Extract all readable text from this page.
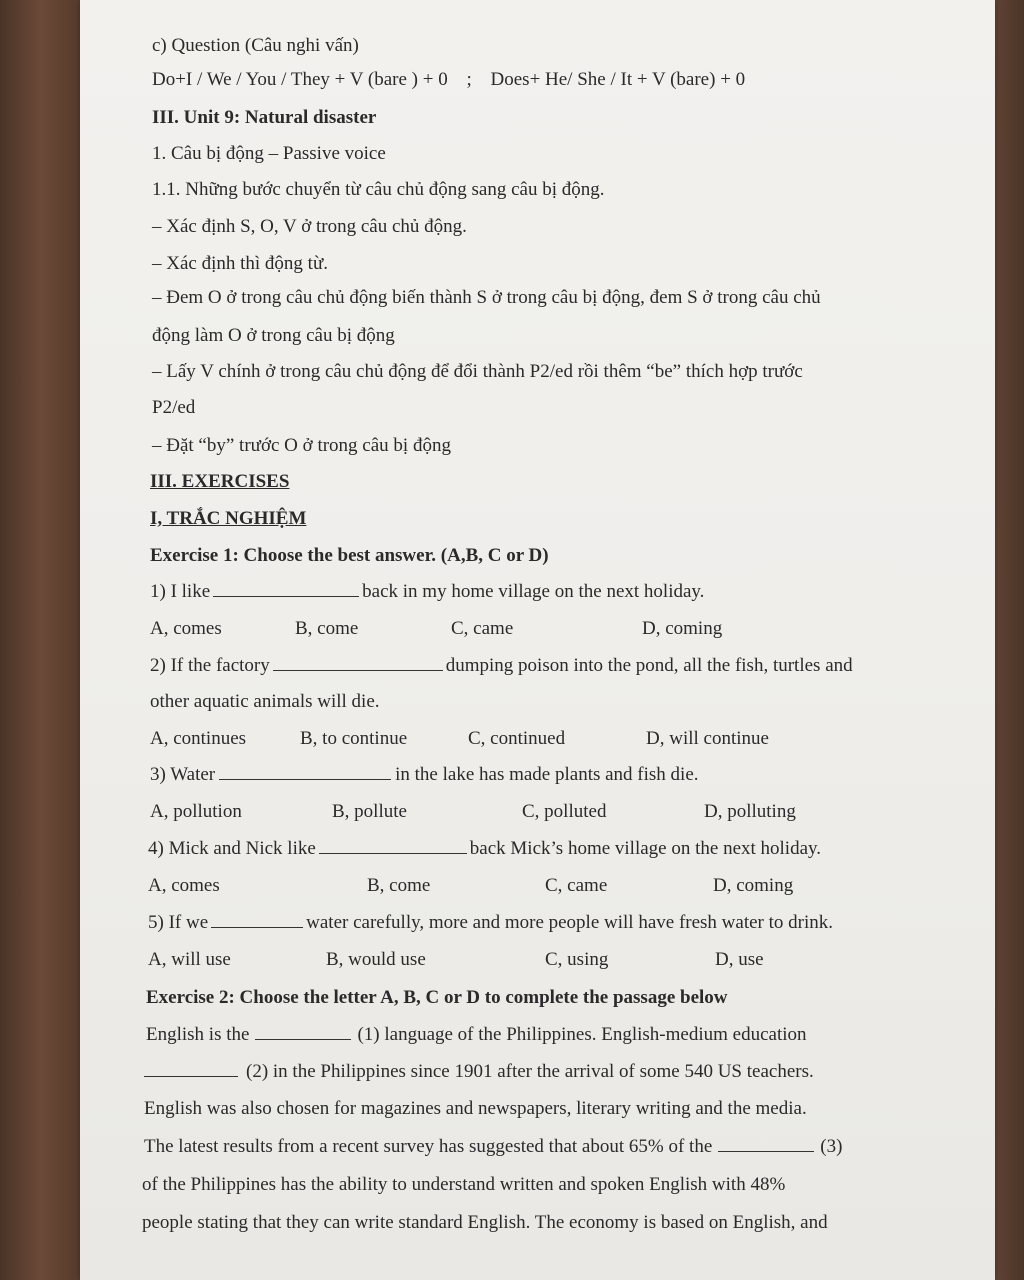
c) Question (Câu nghi vấn)
Do+I / We / You / They + V (bare ) + 0 ; Does+ He/ She / It + V (bare) + 0
III. Unit 9: Natural disaster
1. Câu bị động – Passive voice
1.1. Những bước chuyển từ câu chủ động sang câu bị động.
– Xác định S, O, V ở trong câu chủ động.
– Xác định thì động từ.
– Đem O ở trong câu chủ động biến thành S ở trong câu bị động, đem S ở trong câu chủ
động làm O ở trong câu bị động
– Lấy V chính ở trong câu chủ động để đổi thành P2/ed rồi thêm “be” thích hợp trước
P2/ed
– Đặt “by” trước O ở trong câu bị động
III. EXERCISES
I, TRẮC NGHIỆM
Exercise 1: Choose the best answer. (A,B, C or D)
1) I like	back in my home village on the next holiday.
A, comes	B, come	C, came	D, coming
2) If the factory	dumping poison into the pond, all the fish, turtles and
other aquatic animals will die.
A, continues	B, to continue	C, continued	D, will continue
3) Water	in the lake has made plants and fish die.
A, pollution	B, pollute	C, polluted	D, polluting
4) Mick and Nick like	back Mick’s home village on the next holiday.
A, comes	B, come	C, came	D, coming
5) If we	water carefully, more and more people will have fresh water to drink.
A, will use	B, would use	C, using	D, use
Exercise 2: Choose the letter A, B, C or D to complete the passage below
English is the	(1) language of the Philippines. English-medium education
(2) in the Philippines since 1901 after the arrival of some 540 US teachers.
English was also chosen for magazines and newspapers, literary writing and the media.
The latest results from a recent survey has suggested that about 65% of the	(3)
of the Philippines has the ability to understand written and spoken English with 48%
people stating that they can write standard English. The economy is based on English, and
